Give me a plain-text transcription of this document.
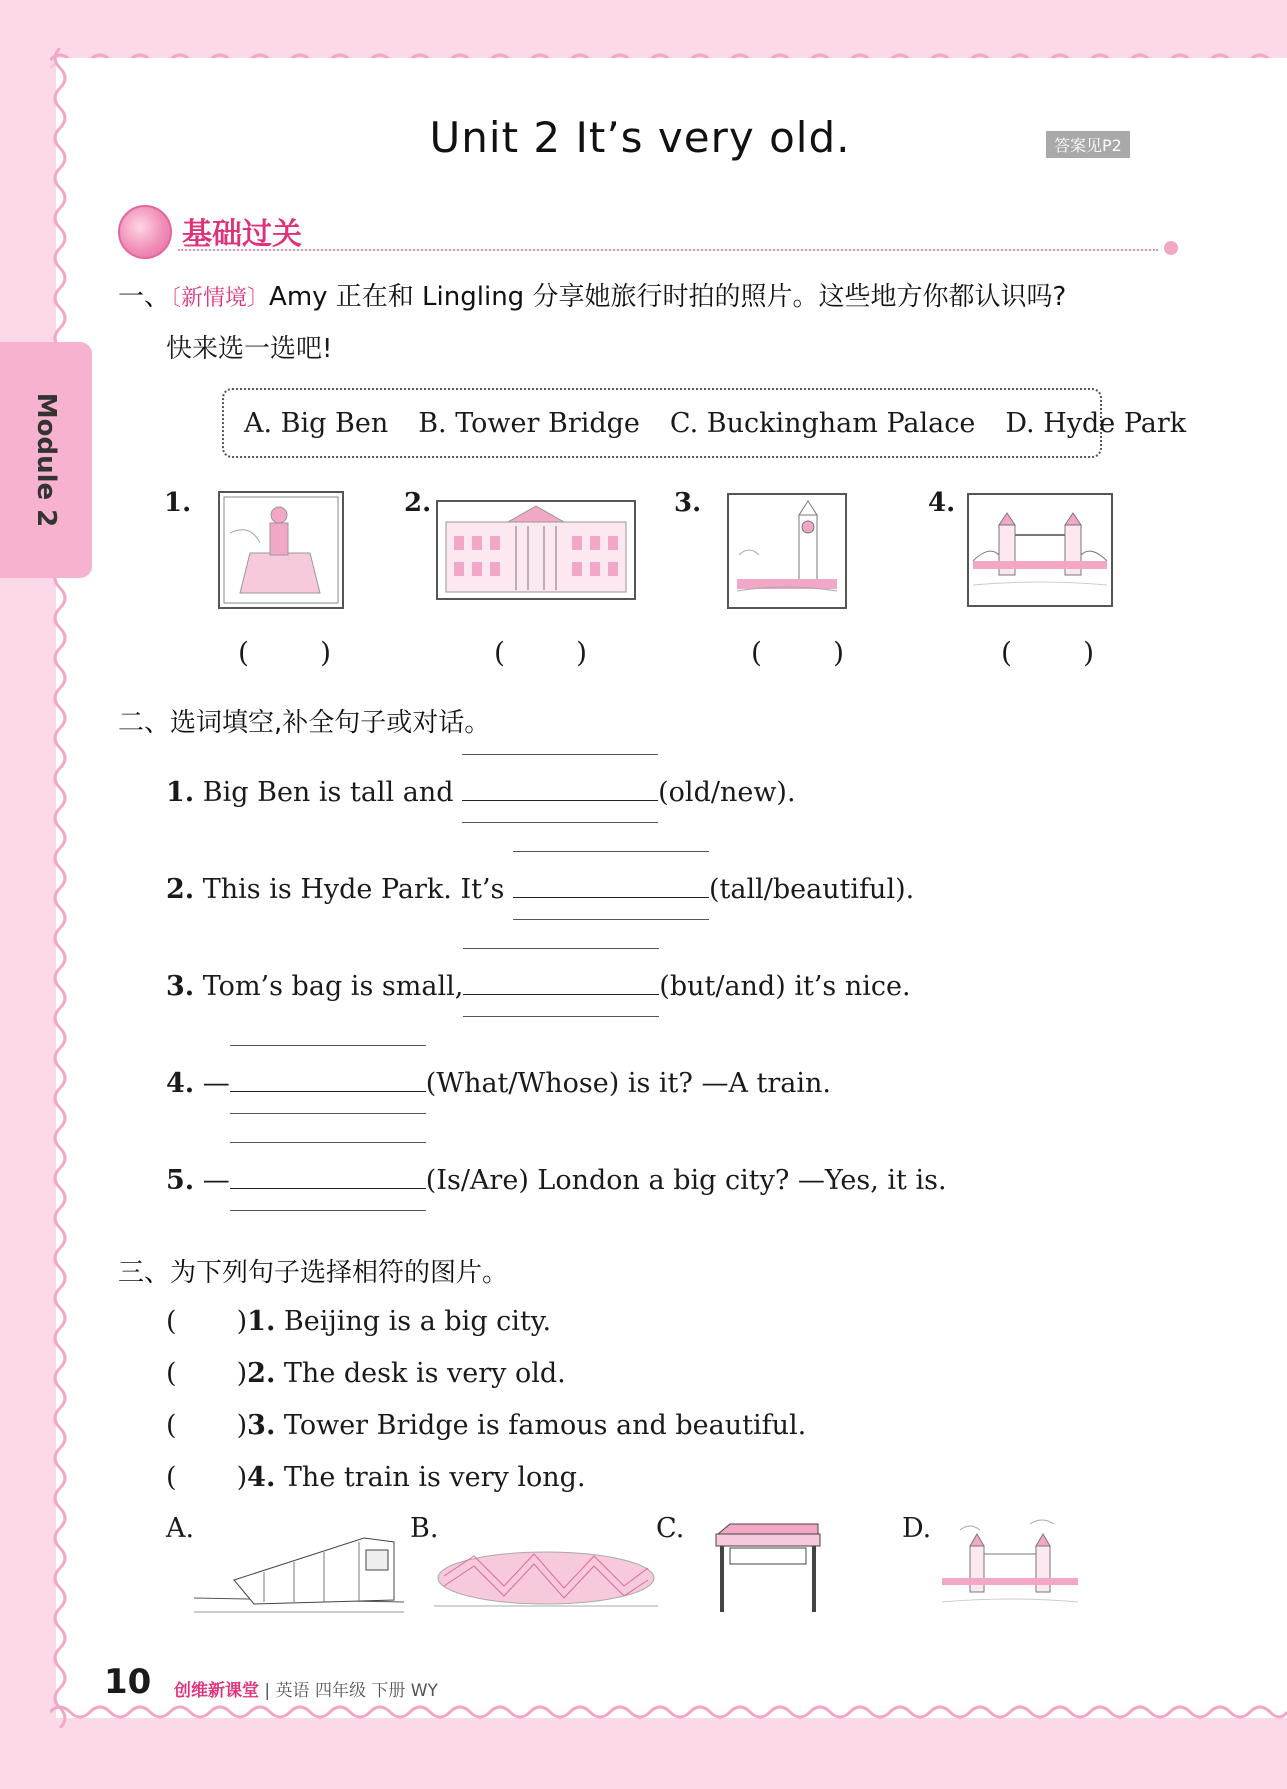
Module 2
Unit 2 It’s very old.	答案见P2
基础过关
一、〔新情境〕Amy 正在和 Lingling 分享她旅行时拍的照片。这些地方你都认识吗?
快来选一选吧!
A. Big Ben B. Tower Bridge C. Buckingham Palace D. Hyde Park
1.	2.	3.	4.
(        )	(        )	(        )	(        )
二、选词填空,补全句子或对话。
1. Big Ben is tall and	(old/new).
2. This is Hyde Park. It’s	(tall/beautiful).
3. Tom’s bag is small,	(but/and) it’s nice.
4. —	(What/Whose) is it? —A train.
5. —	(Is/Are) London a big city? —Yes, it is.
三、为下列句子选择相符的图片。
(       )1. Beijing is a big city.
(       )2. The desk is very old.
(       )3. Tower Bridge is famous and beautiful.
(       )4. The train is very long.
A.	B.	C.	D.
10 创维新课堂 | 英语 四年级 下册 WY
